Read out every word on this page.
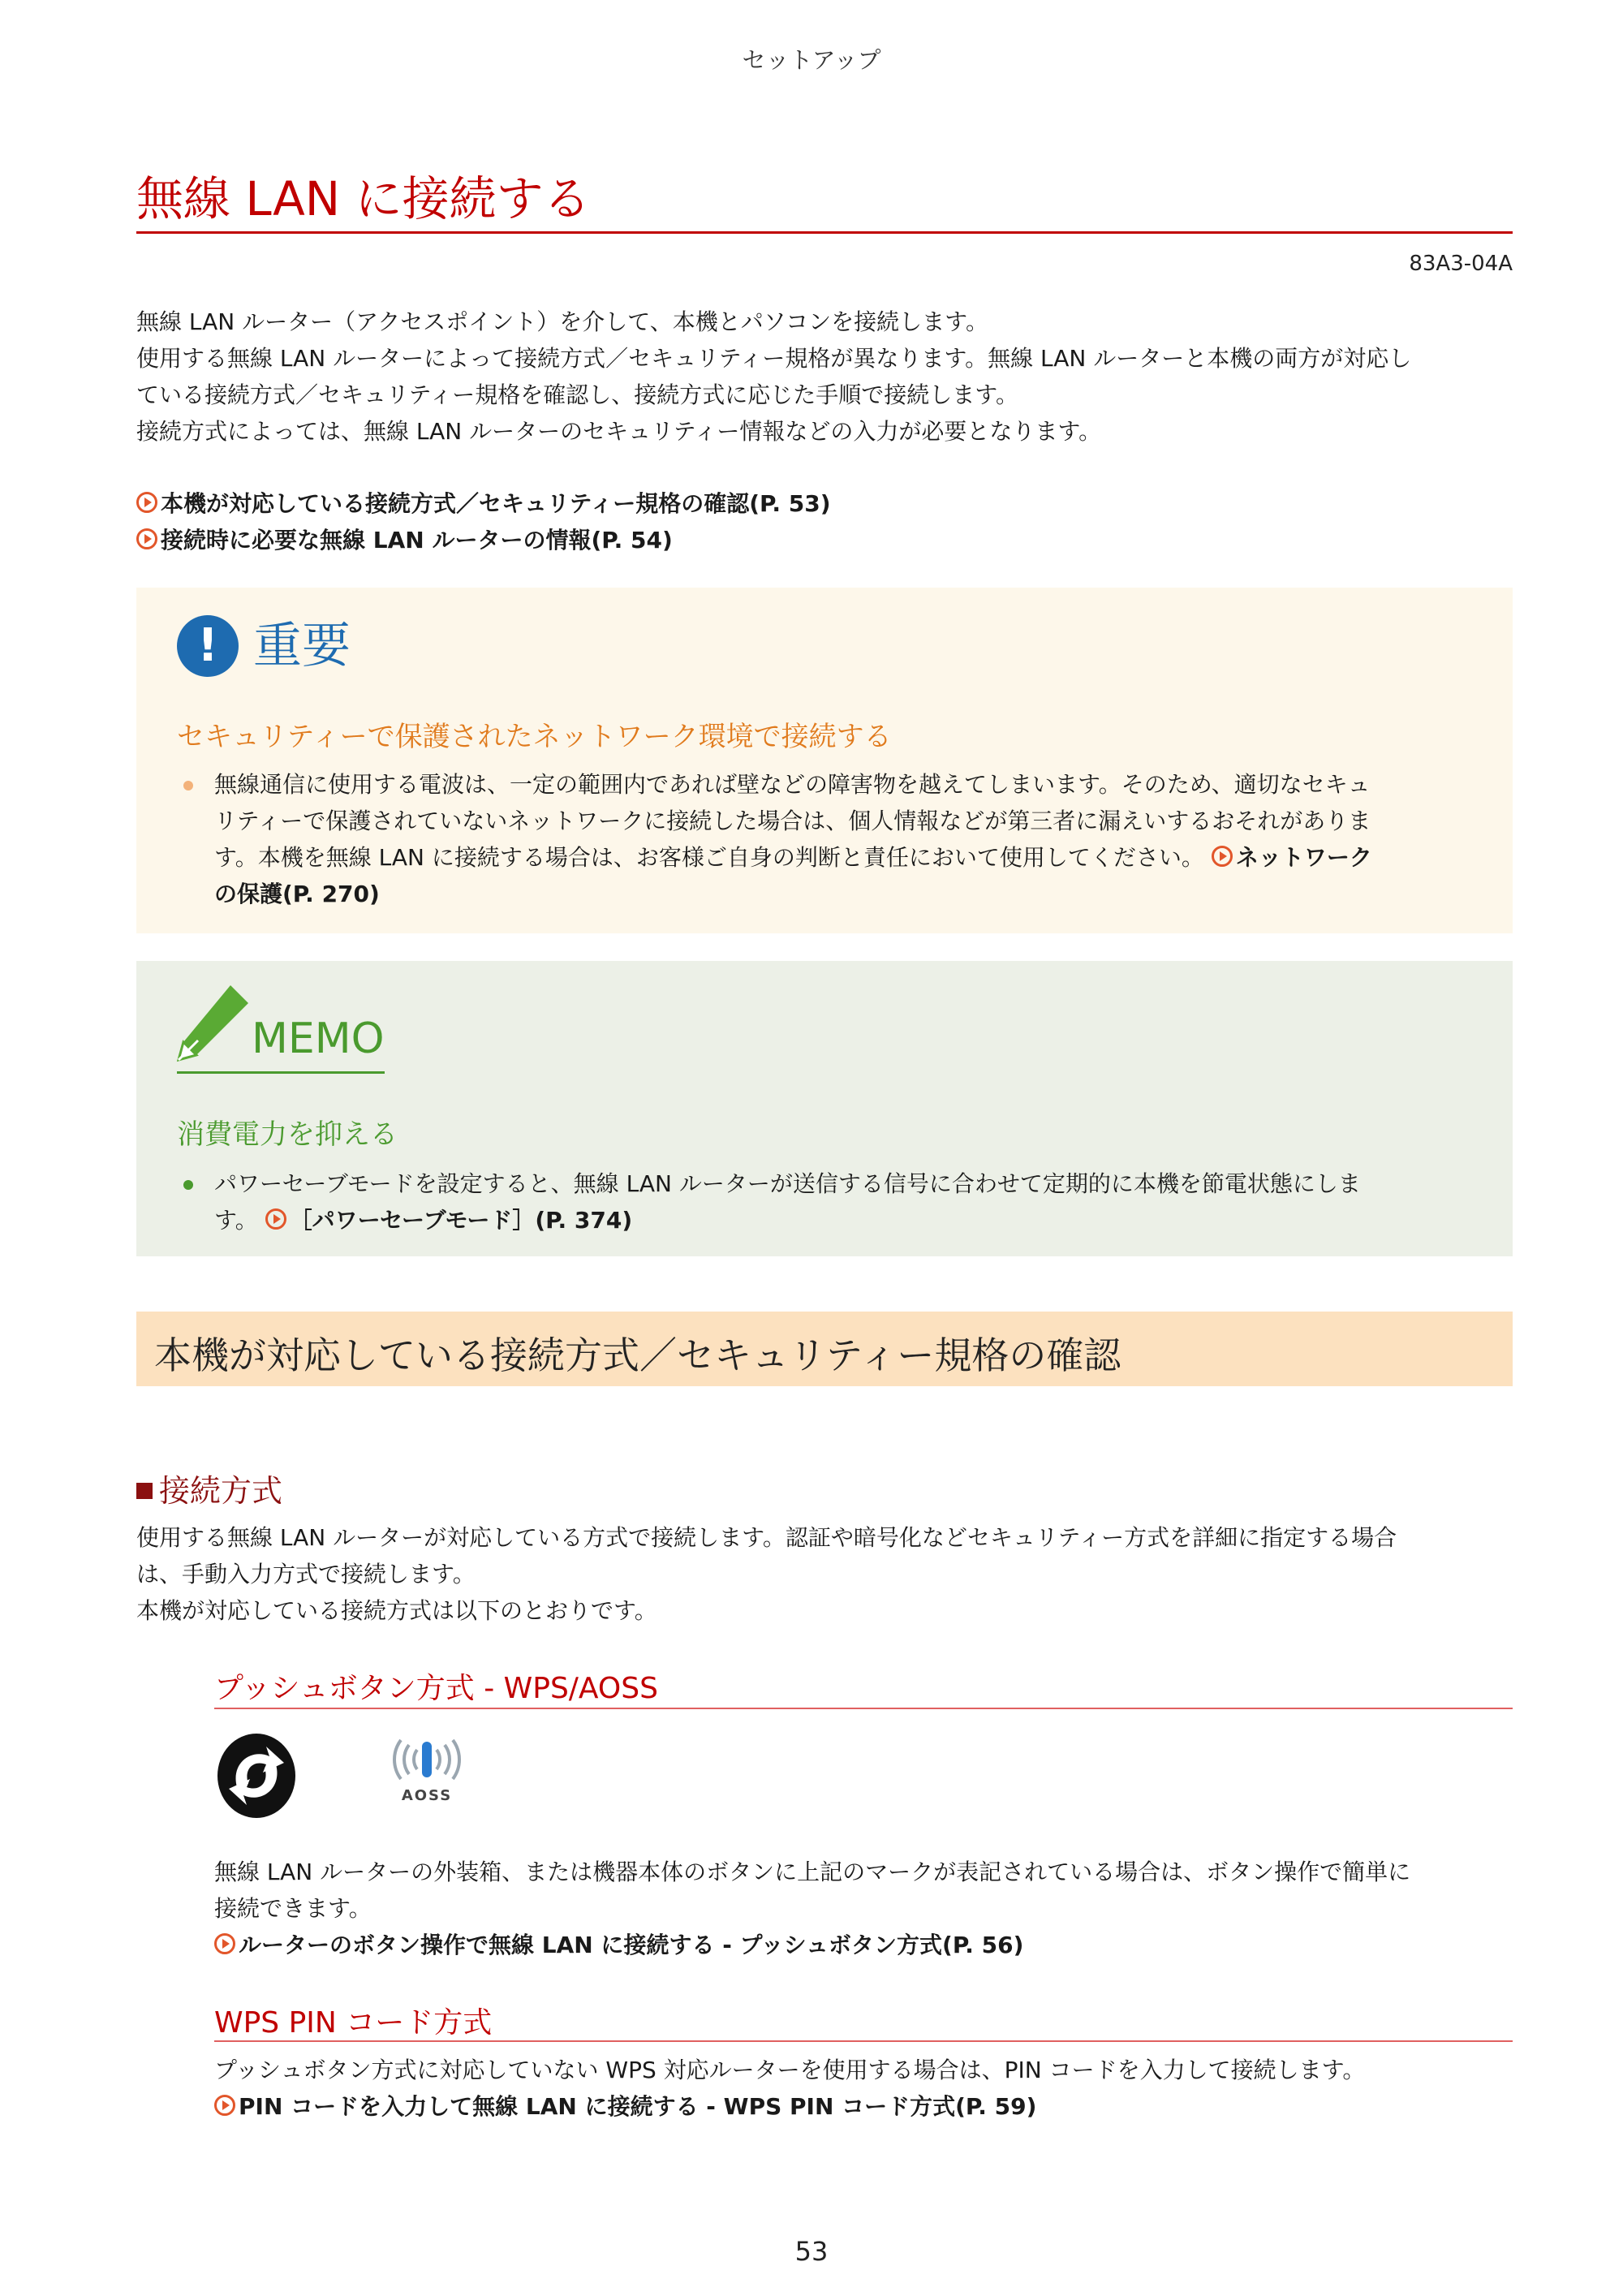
セットアップ
無線 LAN に接続する
83A3-04A
無線 LAN ルーター（アクセスポイント）を介して、本機とパソコンを接続します。
使用する無線 LAN ルーターによって接続方式／セキュリティー規格が異なります。無線 LAN ルーターと本機の両方が対応し
ている接続方式／セキュリティー規格を確認し、接続方式に応じた手順で接続します。
接続方式によっては、無線 LAN ルーターのセキュリティー情報などの入力が必要となります。
本機が対応している接続方式／セキュリティー規格の確認(P. 53)
接続時に必要な無線 LAN ルーターの情報(P. 54)
! 重要
セキュリティーで保護されたネットワーク環境で接続する
無線通信に使用する電波は、一定の範囲内であれば壁などの障害物を越えてしまいます。そのため、適切なセキュ
リティーで保護されていないネットワークに接続した場合は、個人情報などが第三者に漏えいするおそれがありま
す。本機を無線 LAN に接続する場合は、お客様ご自身の判断と責任において使用してください。 ネットワーク
の保護(P. 270)
MEMO
消費電力を抑える
パワーセーブモードを設定すると、無線 LAN ルーターが送信する信号に合わせて定期的に本機を節電状態にしま
す。 ［パワーセーブモード］(P. 374)
本機が対応している接続方式／セキュリティー規格の確認
接続方式
使用する無線 LAN ルーターが対応している方式で接続します。認証や暗号化などセキュリティー方式を詳細に指定する場合
は、手動入力方式で接続します。
本機が対応している接続方式は以下のとおりです。
プッシュボタン方式 - WPS/AOSS
AOSS
無線 LAN ルーターの外装箱、または機器本体のボタンに上記のマークが表記されている場合は、ボタン操作で簡単に
接続できます。
ルーターのボタン操作で無線 LAN に接続する - プッシュボタン方式(P. 56)
WPS PIN コード方式
プッシュボタン方式に対応していない WPS 対応ルーターを使用する場合は、PIN コードを入力して接続します。
PIN コードを入力して無線 LAN に接続する - WPS PIN コード方式(P. 59)
53
